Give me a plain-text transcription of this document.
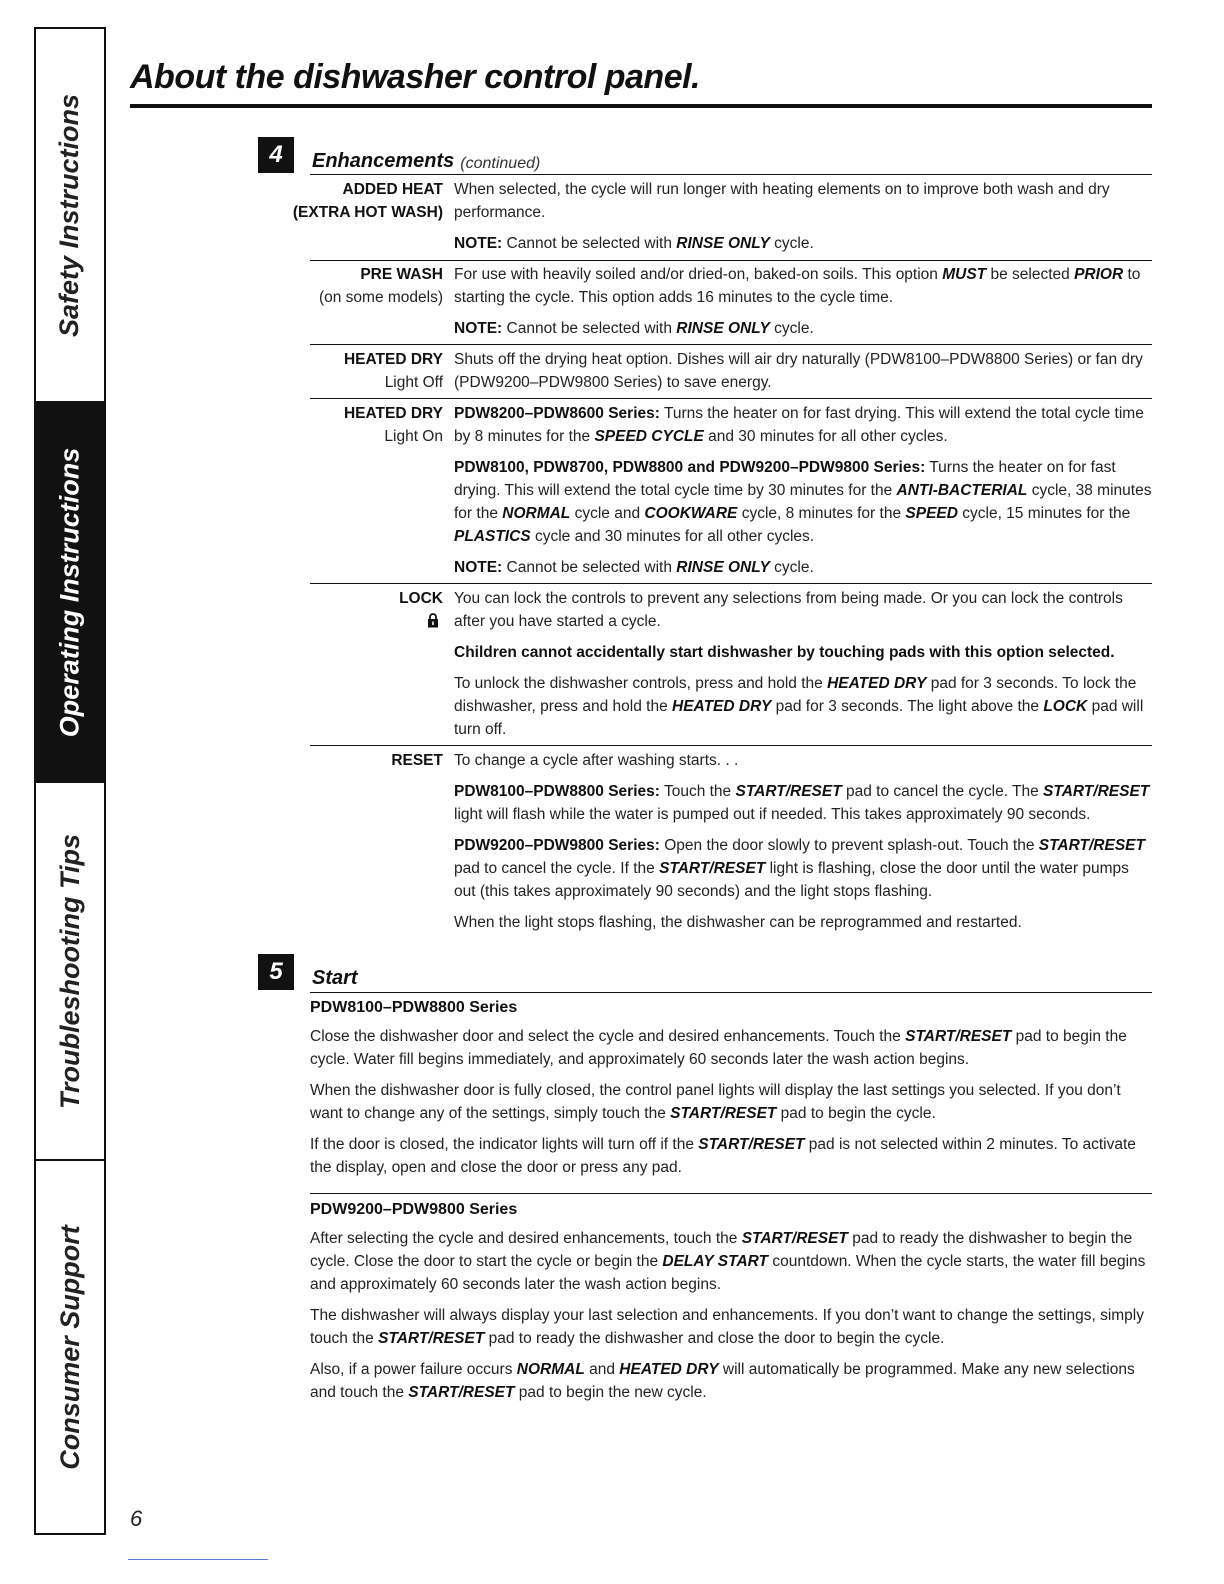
Safety Instructions
Operating Instructions
Troubleshooting Tips
Consumer Support
About the dishwasher control panel.
4	Enhancements (continued)
ADDED HEAT
(EXTRA HOT WASH)

When selected, the cycle will run longer with heating elements on to improve both wash and dry performance.

NOTE: Cannot be selected with RINSE ONLY cycle.

PRE WASH
(on some models)

For use with heavily soiled and/or dried-on, baked-on soils. This option MUST be selected PRIOR to starting the cycle. This option adds 16 minutes to the cycle time.

NOTE: Cannot be selected with RINSE ONLY cycle.

HEATED DRY
Light Off

Shuts off the drying heat option. Dishes will air dry naturally (PDW8100–PDW8800 Series) or fan dry (PDW9200–PDW9800 Series) to save energy.

HEATED DRY
Light On

PDW8200–PDW8600 Series: Turns the heater on for fast drying. This will extend the total cycle time by 8 minutes for the SPEED CYCLE and 30 minutes for all other cycles.

PDW8100, PDW8700, PDW8800 and PDW9200–PDW9800 Series: Turns the heater on for fast drying. This will extend the total cycle time by 30 minutes for the ANTI-BACTERIAL cycle, 38 minutes for the NORMAL cycle and COOKWARE cycle, 8 minutes for the SPEED cycle, 15 minutes for the PLASTICS cycle and 30 minutes for all other cycles.

NOTE: Cannot be selected with RINSE ONLY cycle.

LOCK You can lock the controls to prevent any selections from being made. Or you can lock the controls after you have started a cycle.

Children cannot accidentally start dishwasher by touching pads with this option selected.

To unlock the dishwasher controls, press and hold the HEATED DRY pad for 3 seconds. To lock the dishwasher, press and hold the HEATED DRY pad for 3 seconds. The light above the LOCK pad will turn off.

RESET To change a cycle after washing starts. . .

PDW8100–PDW8800 Series: Touch the START/RESET pad to cancel the cycle. The START/RESET light will flash while the water is pumped out if needed. This takes approximately 90 seconds.

PDW9200–PDW9800 Series: Open the door slowly to prevent splash-out. Touch the START/RESET pad to cancel the cycle. If the START/RESET light is flashing, close the door until the water pumps out (this takes approximately 90 seconds) and the light stops flashing.

When the light stops flashing, the dishwasher can be reprogrammed and restarted.

5	Start

PDW8100–PDW8800 Series

Close the dishwasher door and select the cycle and desired enhancements. Touch the START/RESET pad to begin the cycle. Water fill begins immediately, and approximately 60 seconds later the wash action begins.

When the dishwasher door is fully closed, the control panel lights will display the last settings you selected. If you don’t want to change any of the settings, simply touch the START/RESET pad to begin the cycle.

If the door is closed, the indicator lights will turn off if the START/RESET pad is not selected within 2 minutes. To activate the display, open and close the door or press any pad.

PDW9200–PDW9800 Series

After selecting the cycle and desired enhancements, touch the START/RESET pad to ready the dishwasher to begin the cycle. Close the door to start the cycle or begin the DELAY START countdown. When the cycle starts, the water fill begins and approximately 60 seconds later the wash action begins.

The dishwasher will always display your last selection and enhancements. If you don’t want to change the settings, simply touch the START/RESET pad to ready the dishwasher and close the door to begin the cycle.

Also, if a power failure occurs NORMAL and HEATED DRY will automatically be programmed. Make any new selections and touch the START/RESET pad to begin the new cycle.

6
